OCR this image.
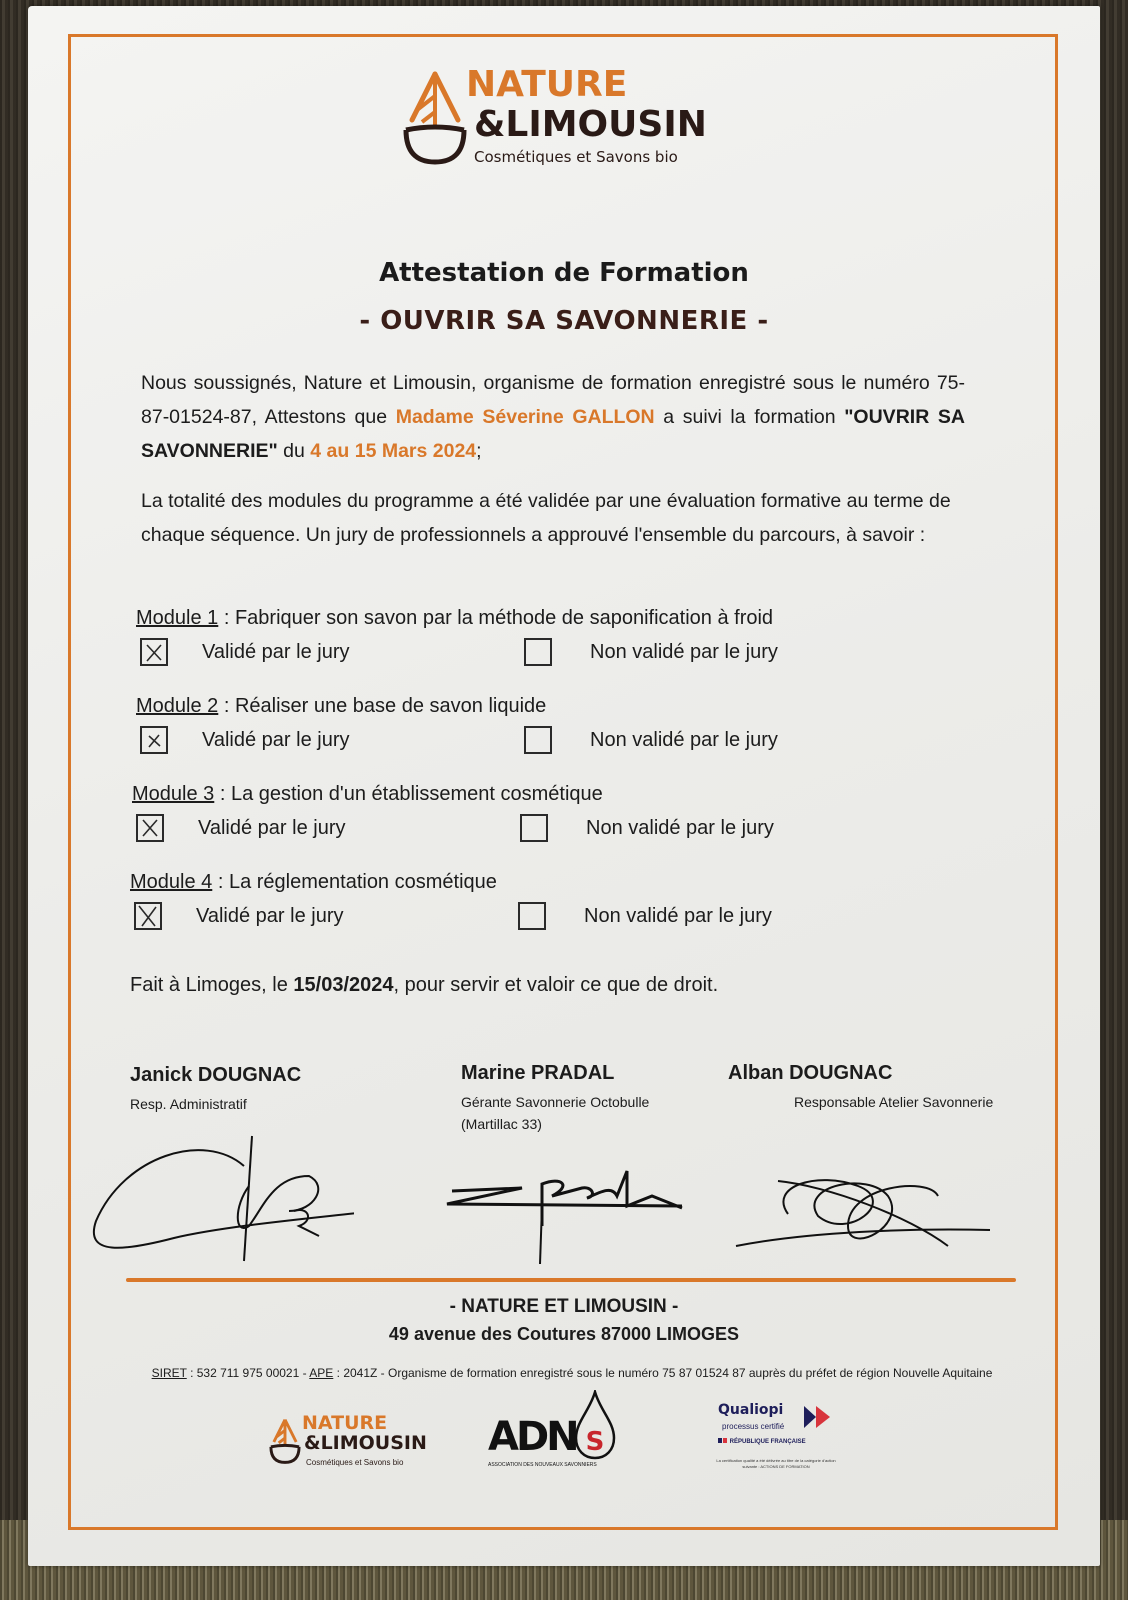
NATURE
&LIMOUSIN
Cosmétiques et Savons bio
Attestation de Formation
- OUVRIR SA SAVONNERIE -
Nous soussignés, Nature et Limousin, organisme de formation enregistré sous le numéro 75-87-01524-87, Attestons que Madame Séverine GALLON a suivi la formation "OUVRIR SA SAVONNERIE" du 4 au 15 Mars 2024;
La totalité des modules du programme a été validée par une évaluation formative au terme de chaque séquence. Un jury de professionnels a approuvé l'ensemble du parcours, à savoir :
Module 1 : Fabriquer son savon par la méthode de saponification à froid
Validé par le jury	Non validé par le jury
Module 2 : Réaliser une base de savon liquide
Validé par le jury	Non validé par le jury
Module 3 : La gestion d'un établissement cosmétique
Validé par le jury	Non validé par le jury
Module 4 : La réglementation cosmétique
Validé par le jury	Non validé par le jury
Fait à Limoges, le 15/03/2024, pour servir et valoir ce que de droit.
Janick DOUGNAC
Resp. Administratif
Marine PRADAL
Gérante Savonnerie Octobulle
(Martillac 33)
Alban DOUGNAC
Responsable Atelier Savonnerie
- NATURE ET LIMOUSIN -
49 avenue des Coutures 87000 LIMOGES
SIRET : 532 711 975 00021 - APE : 2041Z - Organisme de formation enregistré sous le numéro 75 87 01524 87 auprès du préfet de région Nouvelle Aquitaine
NATURE
&LIMOUSIN
Cosmétiques et Savons bio
ADN S
ASSOCIATION DES NOUVEAUX SAVONNIERS
Qualiopi
processus certifié
RÉPUBLIQUE FRANÇAISE
La certification qualité a été délivrée au titre de la catégorie d'action suivante : ACTIONS DE FORMATION
